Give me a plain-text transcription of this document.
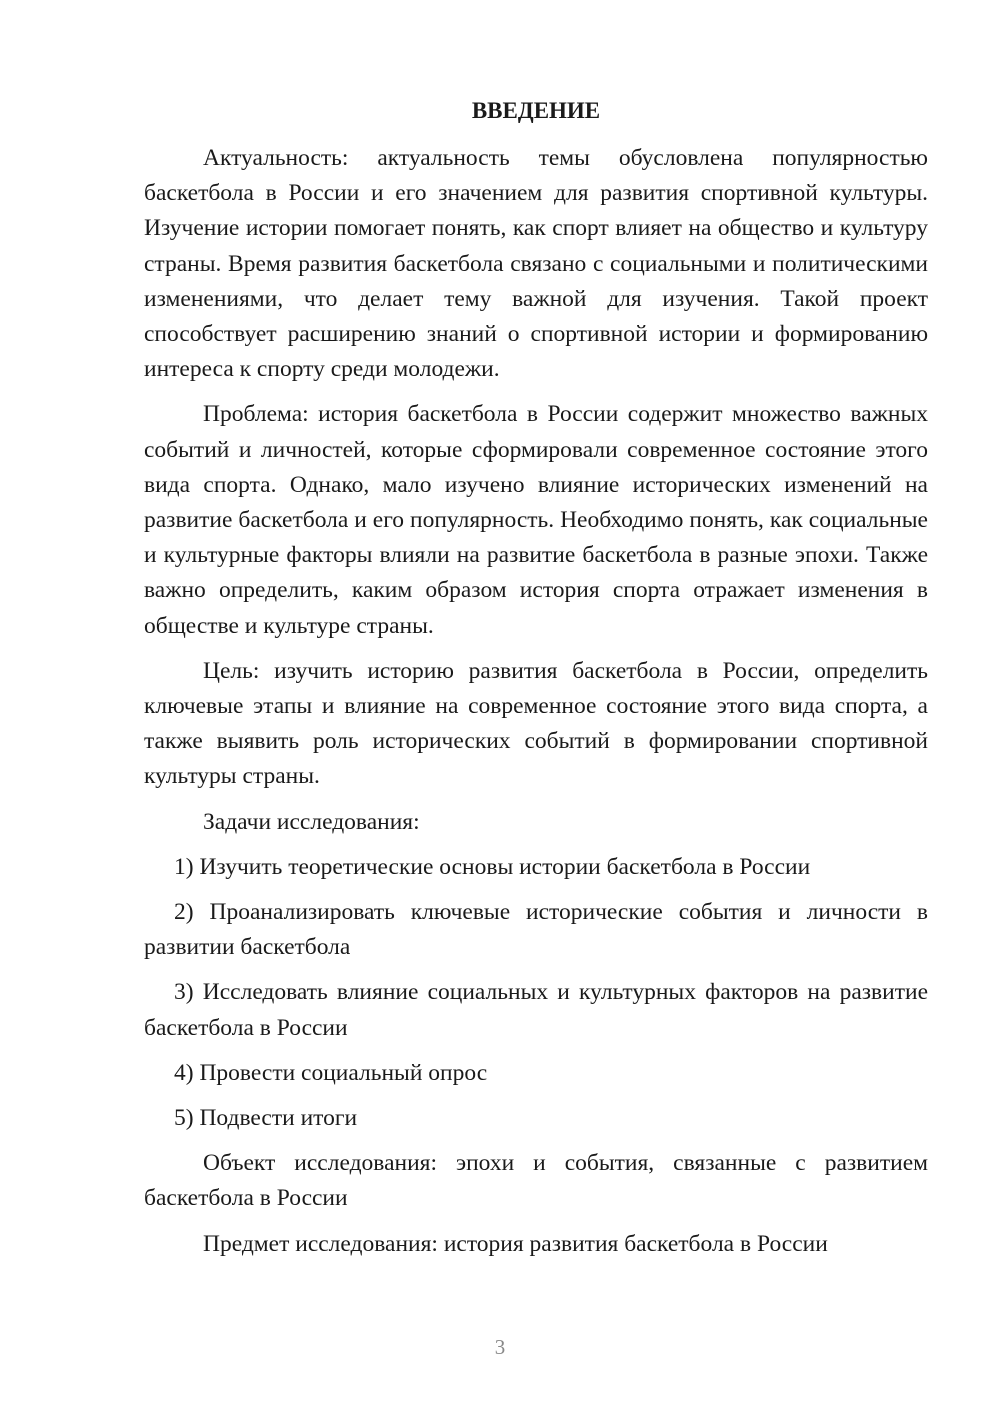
ВВЕДЕНИЕ

Актуальность: актуальность темы обусловлена популярностью баскетбола в России и его значением для развития спортивной культуры. Изучение истории помогает понять, как спорт влияет на общество и культуру страны. Время развития баскетбола связано с социальными и политическими изменениями, что делает тему важной для изучения. Такой проект способствует расширению знаний о спортивной истории и формированию интереса к спорту среди молодежи.

Проблема: история баскетбола в России содержит множество важных событий и личностей, которые сформировали современное состояние этого вида спорта. Однако, мало изучено влияние исторических изменений на развитие баскетбола и его популярность. Необходимо понять, как социальные и культурные факторы влияли на развитие баскетбола в разные эпохи. Также важно определить, каким образом история спорта отражает изменения в обществе и культуре страны.

Цель: изучить историю развития баскетбола в России, определить ключевые этапы и влияние на современное состояние этого вида спорта, а также выявить роль исторических событий в формировании спортивной культуры страны.

Задачи исследования:

1) Изучить теоретические основы истории баскетбола в России

2) Проанализировать ключевые исторические события и личности в развитии баскетбола

3) Исследовать влияние социальных и культурных факторов на развитие баскетбола в России

4) Провести социальный опрос

5) Подвести итоги

Объект исследования: эпохи и события, связанные с развитием баскетбола в России

Предмет исследования: история развития баскетбола в России

3
